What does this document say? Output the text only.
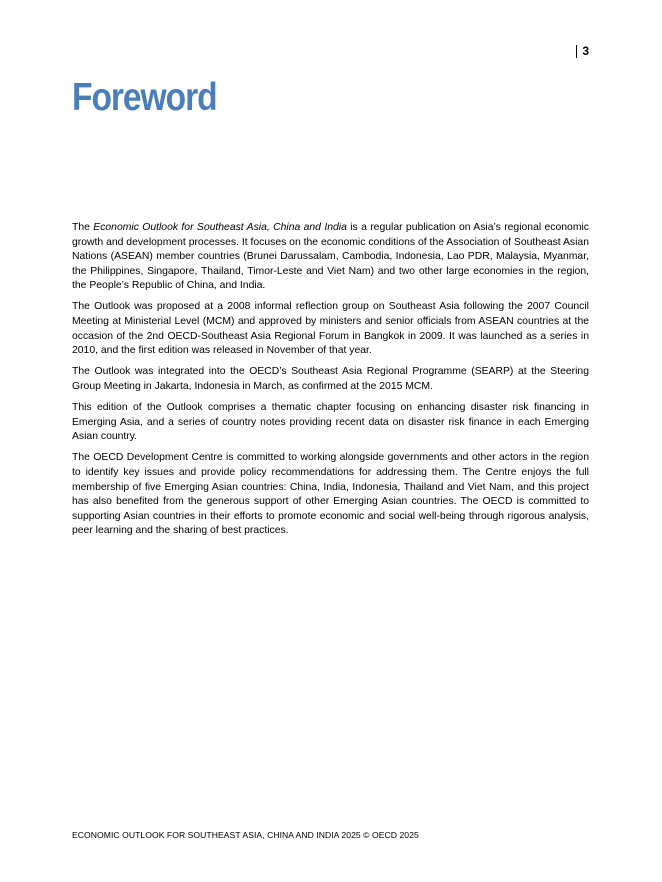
3
Foreword

The Economic Outlook for Southeast Asia, China and India is a regular publication on Asia’s regional economic growth and development processes. It focuses on the economic conditions of the Association of Southeast Asian Nations (ASEAN) member countries (Brunei Darussalam, Cambodia, Indonesia, Lao PDR, Malaysia, Myanmar, the Philippines, Singapore, Thailand, Timor-Leste and Viet Nam) and two other large economies in the region, the People’s Republic of China, and India.

The Outlook was proposed at a 2008 informal reflection group on Southeast Asia following the 2007 Council Meeting at Ministerial Level (MCM) and approved by ministers and senior officials from ASEAN countries at the occasion of the 2nd OECD-Southeast Asia Regional Forum in Bangkok in 2009. It was launched as a series in 2010, and the first edition was released in November of that year.

The Outlook was integrated into the OECD’s Southeast Asia Regional Programme (SEARP) at the Steering Group Meeting in Jakarta, Indonesia in March, as confirmed at the 2015 MCM.

This edition of the Outlook comprises a thematic chapter focusing on enhancing disaster risk financing in Emerging Asia, and a series of country notes providing recent data on disaster risk finance in each Emerging Asian country.

The OECD Development Centre is committed to working alongside governments and other actors in the region to identify key issues and provide policy recommendations for addressing them. The Centre enjoys the full membership of five Emerging Asian countries: China, India, Indonesia, Thailand and Viet Nam, and this project has also benefited from the generous support of other Emerging Asian countries. The OECD is committed to supporting Asian countries in their efforts to promote economic and social well-being through rigorous analysis, peer learning and the sharing of best practices.

ECONOMIC OUTLOOK FOR SOUTHEAST ASIA, CHINA AND INDIA 2025 © OECD 2025
